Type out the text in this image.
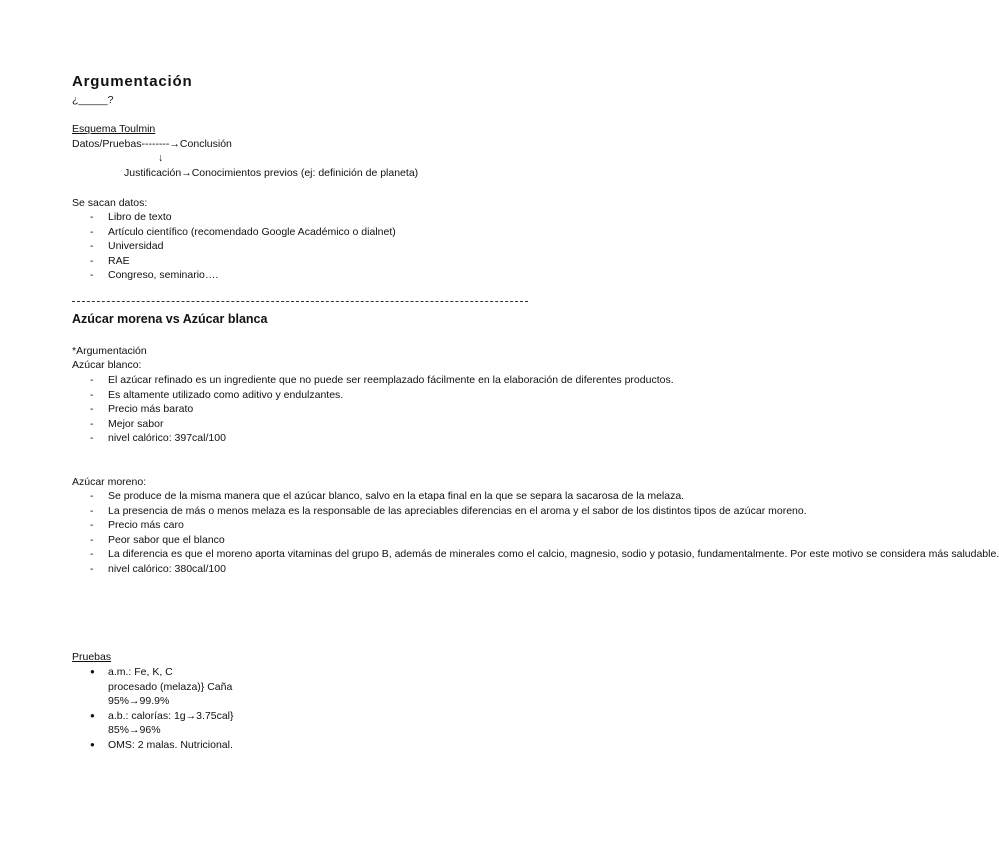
Argumentación
¿_____?
Esquema Toulmin
Datos/Pruebas--------→Conclusión
↓
Justificación→Conocimientos previos (ej: definición de planeta)
Se sacan datos:
- Libro de texto
- Artículo científico (recomendado Google Académico o dialnet)
- Universidad
- RAE
- Congreso, seminario….
Azúcar morena vs Azúcar blanca
*Argumentación
Azúcar blanco:
- El azúcar refinado es un ingrediente que no puede ser reemplazado fácilmente en la elaboración de diferentes productos.
- Es altamente utilizado como aditivo y endulzantes.
- Precio más barato
- Mejor sabor
- nivel calórico: 397cal/100
Azúcar moreno:
- Se produce de la misma manera que el azúcar blanco, salvo en la etapa final en la que se separa la sacarosa de la melaza.
- La presencia de más o menos melaza es la responsable de las apreciables diferencias en el aroma y el sabor de los distintos tipos de azúcar moreno.
- Precio más caro
- Peor sabor que el blanco
- La diferencia es que el moreno aporta vitaminas del grupo B, además de minerales como el calcio, magnesio, sodio y potasio, fundamentalmente. Por este motivo se considera más saludable.
- nivel calórico: 380cal/100
Pruebas
● a.m.: Fe, K, C
procesado (melaza)} Caña
95%→99.9%
● a.b.: calorías: 1g→3.75cal}
85%→96%
● OMS: 2 malas. Nutricional.
